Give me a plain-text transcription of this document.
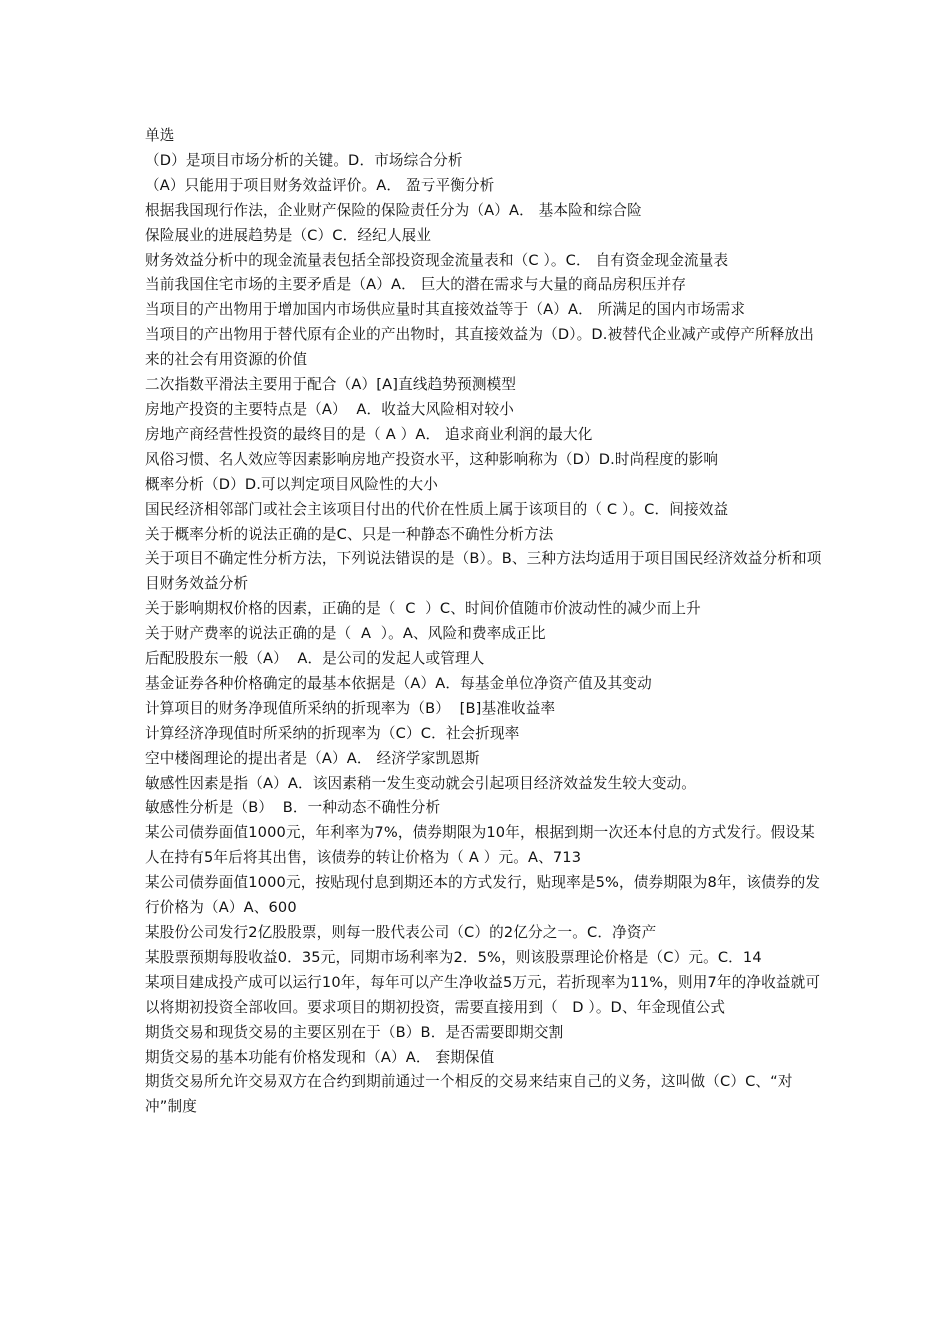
单选

（D）是项目市场分析的关键。D．市场综合分析

（A）只能用于项目财务效益评价。A． 盈亏平衡分析

根据我国现行作法，企业财产保险的保险责任分为（A）A． 基本险和综合险

保险展业的进展趋势是（C）C．经纪人展业

财务效益分析中的现金流量表包括全部投资现金流量表和（C ）。C． 自有资金现金流量表

当前我国住宅市场的主要矛盾是（A）A． 巨大的潜在需求与大量的商品房积压并存

当项目的产出物用于增加国内市场供应量时其直接效益等于（A）A． 所满足的国内市场需求

当项目的产出物用于替代原有企业的产出物时，其直接效益为（D）。D.被替代企业减产或停产所释放出来的社会有用资源的价值

二次指数平滑法主要用于配合（A）[A]直线趋势预测模型

房地产投资的主要特点是（A）  A．收益大风险相对较小

房地产商经营性投资的最终目的是（ A ）A． 追求商业利润的最大化

风俗习惯、名人效应等因素影响房地产投资水平，这种影响称为（D）D.时尚程度的影响

概率分析（D）D.可以判定项目风险性的大小

国民经济相邻部门或社会主该项目付出的代价在性质上属于该项目的（ C ）。C．间接效益

关于概率分析的说法正确的是C、只是一种静态不确性分析方法

关于项目不确定性分析方法，下列说法错误的是（B）。B、三种方法均适用于项目国民经济效益分析和项目财务效益分析

关于影响期权价格的因素，正确的是（  C  ）C、时间价值随市价波动性的减少而上升

关于财产费率的说法正确的是（  A  ）。A、风险和费率成正比

后配股股东一般（A）  A．是公司的发起人或管理人

基金证券各种价格确定的最基本依据是（A）A．每基金单位净资产值及其变动

计算项目的财务净现值所采纳的折现率为（B）  [B]基准收益率

计算经济净现值时所采纳的折现率为（C）C．社会折现率

空中楼阁理论的提出者是（A）A． 经济学家凯恩斯

敏感性因素是指（A）A．该因素稍一发生变动就会引起项目经济效益发生较大变动。

敏感性分析是（B）  B．一种动态不确性分析

某公司债券面值1000元，年利率为7%，债券期限为10年，根据到期一次还本付息的方式发行。假设某人在持有5年后将其出售，该债券的转让价格为（ A ）元。A、713

某公司债券面值1000元，按贴现付息到期还本的方式发行，贴现率是5%，债券期限为8年，该债券的发行价格为（A）A、600

某股份公司发行2亿股股票，则每一股代表公司（C）的2亿分之一。C．净资产

某股票预期每股收益0．35元，同期市场利率为2．5%，则该股票理论价格是（C）元。C．14

某项目建成投产成可以运行10年，每年可以产生净收益5万元，若折现率为11%，则用7年的净收益就可以将期初投资全部收回。要求项目的期初投资，需要直接用到（   D ）。D、年金现值公式

期货交易和现货交易的主要区别在于（B）B．是否需要即期交割

期货交易的基本功能有价格发现和（A）A． 套期保值

期货交易所允许交易双方在合约到期前通过一个相反的交易来结束自己的义务，这叫做（C）C、“对冲”制度
